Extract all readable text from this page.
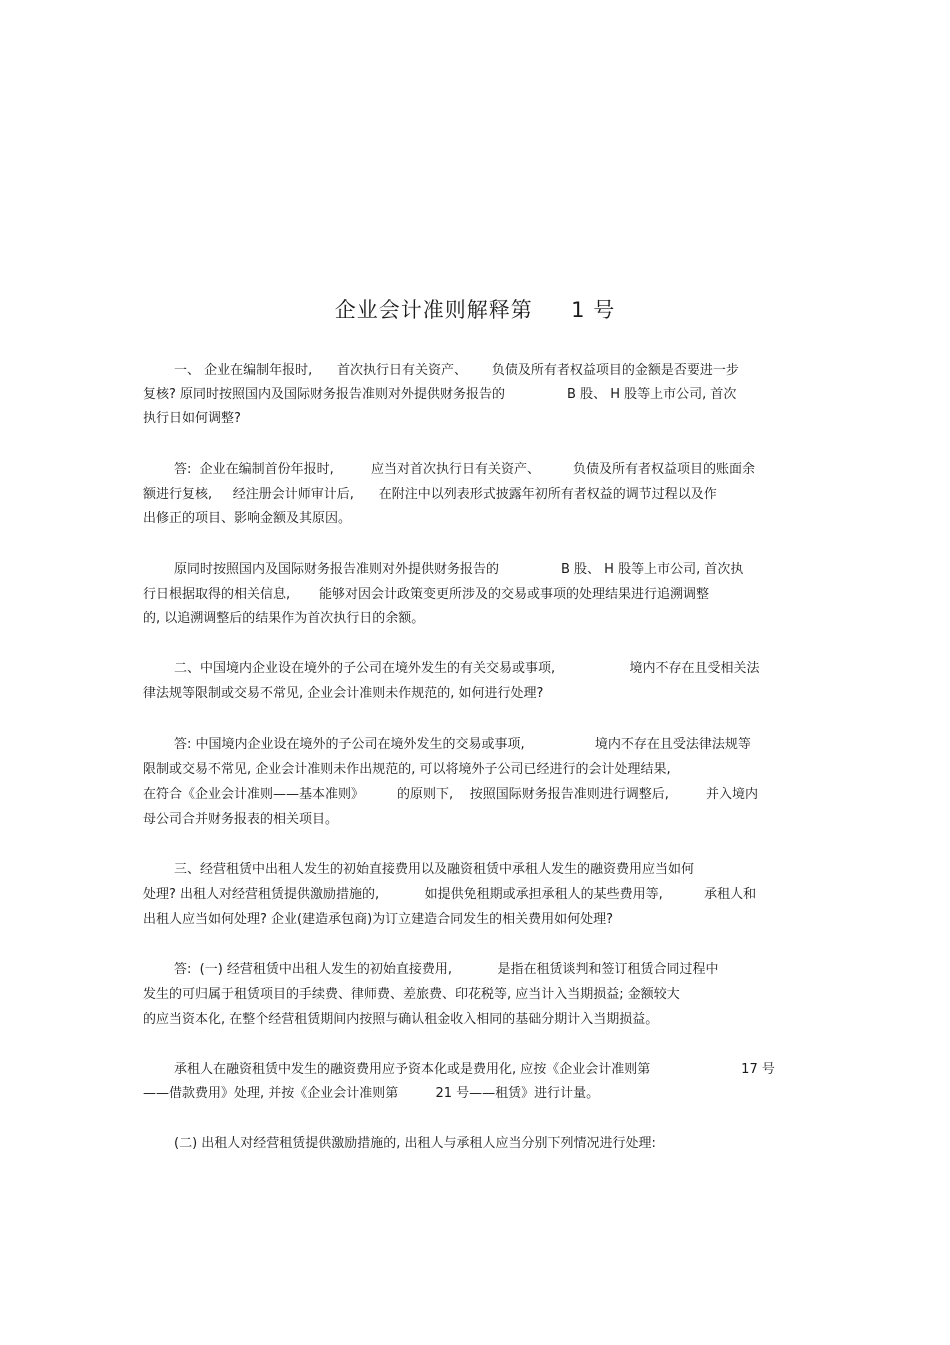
企业会计准则解释第     1 号
一、 企业在编制年报时,      首次执行日有关资产、      负债及所有者权益项目的金额是否要进一步
复核? 原同时按照国内及国际财务报告准则对外提供财务报告的               B 股、 H 股等上市公司, 首次
执行日如何调整?
答:  企业在编制首份年报时,         应当对首次执行日有关资产、        负债及所有者权益项目的账面余
额进行复核,     经注册会计师审计后,      在附注中以列表形式披露年初所有者权益的调节过程以及作
出修正的项目、影响金额及其原因。
原同时按照国内及国际财务报告准则对外提供财务报告的               B 股、 H 股等上市公司, 首次执
行日根据取得的相关信息,       能够对因会计政策变更所涉及的交易或事项的处理结果进行追溯调整
的, 以追溯调整后的结果作为首次执行日的余额。
二、中国境内企业设在境外的子公司在境外发生的有关交易或事项,                  境内不存在且受相关法
律法规等限制或交易不常见, 企业会计准则未作规范的, 如何进行处理?
答: 中国境内企业设在境外的子公司在境外发生的交易或事项,                 境内不存在且受法律法规等
限制或交易不常见, 企业会计准则未作出规范的, 可以将境外子公司已经进行的会计处理结果,
在符合《企业会计准则——基本准则》        的原则下,    按照国际财务报告准则进行调整后,         并入境内
母公司合并财务报表的相关项目。
三、经营租赁中出租人发生的初始直接费用以及融资租赁中承租人发生的融资费用应当如何
处理? 出租人对经营租赁提供激励措施的,           如提供免租期或承担承租人的某些费用等,          承租人和
出租人应当如何处理? 企业(建造承包商)为订立建造合同发生的相关费用如何处理?
答:  (一) 经营租赁中出租人发生的初始直接费用,           是指在租赁谈判和签订租赁合同过程中
发生的可归属于租赁项目的手续费、律师费、差旅费、印花税等, 应当计入当期损益; 金额较大
的应当资本化, 在整个经营租赁期间内按照与确认租金收入相同的基础分期计入当期损益。
承租人在融资租赁中发生的融资费用应予资本化或是费用化, 应按《企业会计准则第                      17 号
——借款费用》处理, 并按《企业会计准则第         21 号——租赁》进行计量。
(二) 出租人对经营租赁提供激励措施的, 出租人与承租人应当分别下列情况进行处理:
